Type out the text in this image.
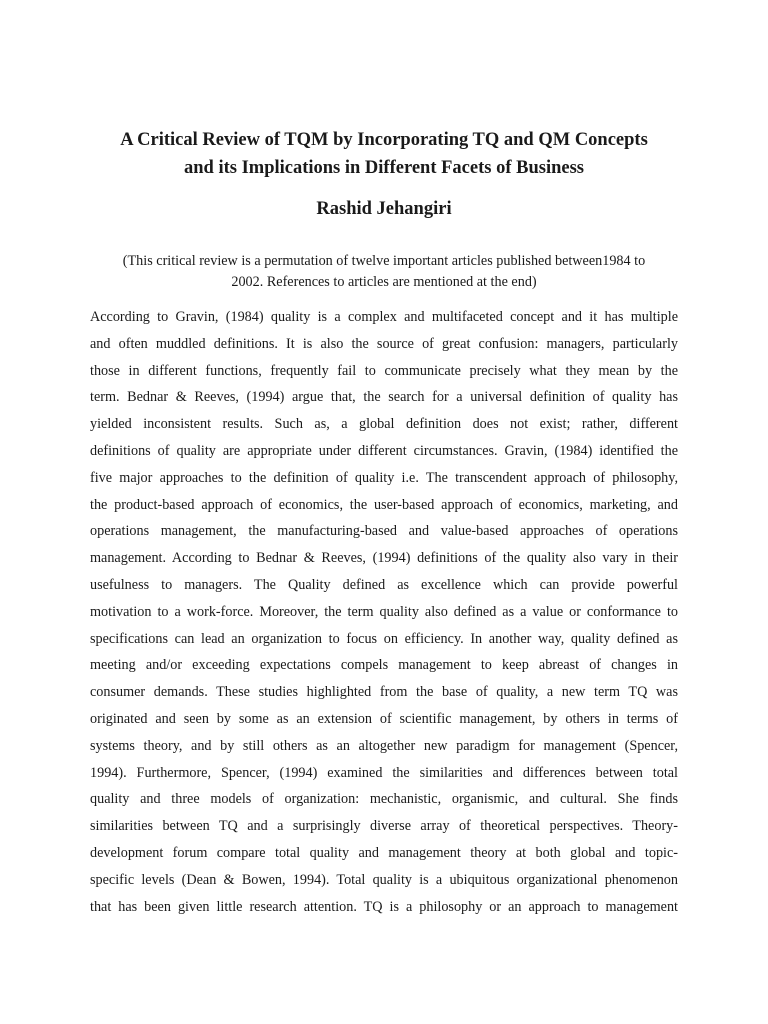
A Critical Review of TQM by Incorporating TQ and QM Concepts
and its Implications in Different Facets of Business
Rashid Jehangiri

(This critical review is a permutation of twelve important articles published between1984 to
2002. References to articles are mentioned at the end)

According to Gravin, (1984) quality is a complex and multifaceted concept and it has multiple
and often muddled definitions. It is also the source of great confusion: managers, particularly
those in different functions, frequently fail to communicate precisely what they mean by the
term. Bednar & Reeves, (1994) argue that, the search for a universal definition of quality has
yielded inconsistent results. Such as, a global definition does not exist; rather, different
definitions of quality are appropriate under different circumstances. Gravin, (1984) identified the
five major approaches to the definition of quality i.e. The transcendent approach of philosophy,
the product-based approach of economics, the user-based approach of economics, marketing, and
operations management, the manufacturing-based and value-based approaches of operations
management. According to Bednar & Reeves, (1994) definitions of the quality also vary in their
usefulness to managers. The Quality defined as excellence which can provide powerful
motivation to a work-force. Moreover, the term quality also defined as a value or conformance to
specifications can lead an organization to focus on efficiency. In another way, quality defined as
meeting and/or exceeding expectations compels management to keep abreast of changes in
consumer demands. These studies highlighted from the base of quality, a new term TQ was
originated and seen by some as an extension of scientific management, by others in terms of
systems theory, and by still others as an altogether new paradigm for management (Spencer,
1994). Furthermore, Spencer, (1994) examined the similarities and differences between total
quality and three models of organization: mechanistic, organismic, and cultural. She finds
similarities between TQ and a surprisingly diverse array of theoretical perspectives. Theory-
development forum compare total quality and management theory at both global and topic-
specific levels (Dean & Bowen, 1994). Total quality is a ubiquitous organizational phenomenon
that has been given little research attention. TQ is a philosophy or an approach to management
